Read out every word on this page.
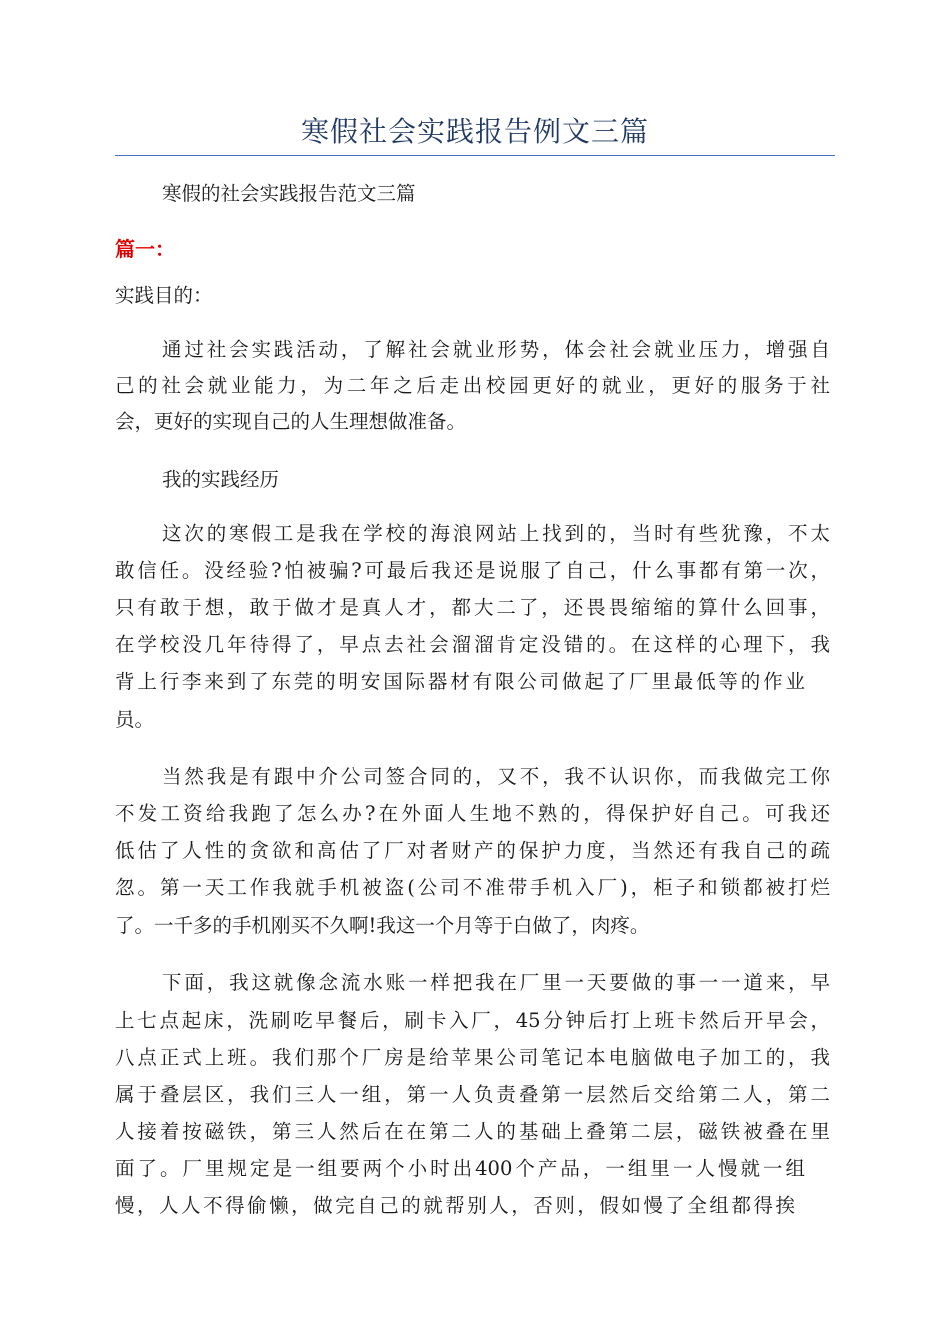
寒假社会实践报告例文三篇
寒假的社会实践报告范文三篇
篇一：
实践目的：
通过社会实践活动，了解社会就业形势，体会社会就业压力，增强自
己的社会就业能力，为二年之后走出校园更好的就业，更好的服务于社
会，更好的实现自己的人生理想做准备。
我的实践经历
这次的寒假工是我在学校的海浪网站上找到的，当时有些犹豫，不太
敢信任。没经验?怕被骗?可最后我还是说服了自己，什么事都有第一次，
只有敢于想，敢于做才是真人才，都大二了，还畏畏缩缩的算什么回事，
在学校没几年待得了，早点去社会溜溜肯定没错的。在这样的心理下，我
背上行李来到了东莞的明安国际器材有限公司做起了厂里最低等的作业
员。
当然我是有跟中介公司签合同的，又不，我不认识你，而我做完工你
不发工资给我跑了怎么办?在外面人生地不熟的，得保护好自己。可我还
低估了人性的贪欲和高估了厂对者财产的保护力度，当然还有我自己的疏
忽。第一天工作我就手机被盗(公司不准带手机入厂)，柜子和锁都被打烂
了。一千多的手机刚买不久啊!我这一个月等于白做了，肉疼。
下面，我这就像念流水账一样把我在厂里一天要做的事一一道来，早
上七点起床，洗刷吃早餐后，刷卡入厂，45分钟后打上班卡然后开早会，
八点正式上班。我们那个厂房是给苹果公司笔记本电脑做电子加工的，我
属于叠层区，我们三人一组，第一人负责叠第一层然后交给第二人，第二
人接着按磁铁，第三人然后在在第二人的基础上叠第二层，磁铁被叠在里
面了。厂里规定是一组要两个小时出400个产品，一组里一人慢就一组
慢，人人不得偷懒，做完自己的就帮别人，否则，假如慢了全组都得挨
